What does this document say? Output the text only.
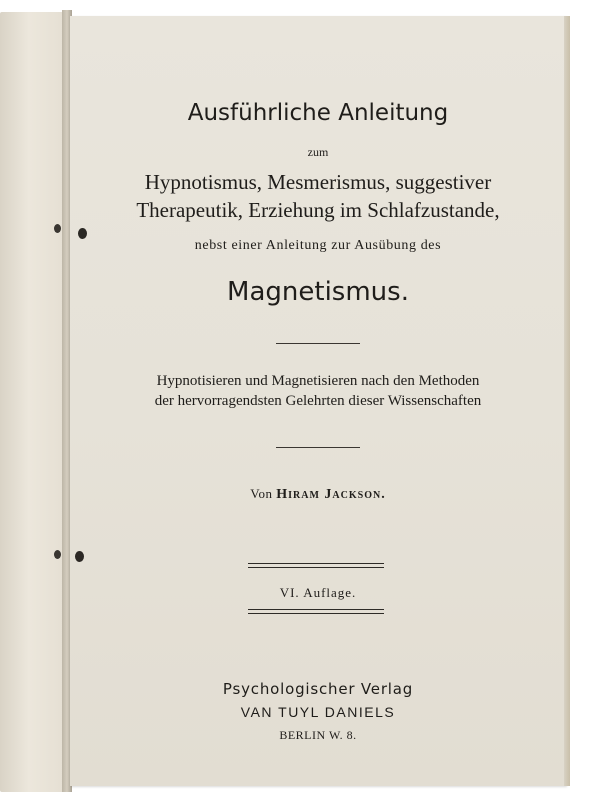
Ausführliche Anleitung
zum
Hypnotismus, Mesmerismus, suggestiver
Therapeutik, Erziehung im Schlafzustande,
nebst einer Anleitung zur Ausübung des
Magnetismus.
Hypnotisieren und Magnetisieren nach den Methoden
der hervorragendsten Gelehrten dieser Wissenschaften
Von Hiram Jackson.
VI. Auflage.
Psychologischer Verlag
VAN TUYL DANIELS
BERLIN W. 8.
